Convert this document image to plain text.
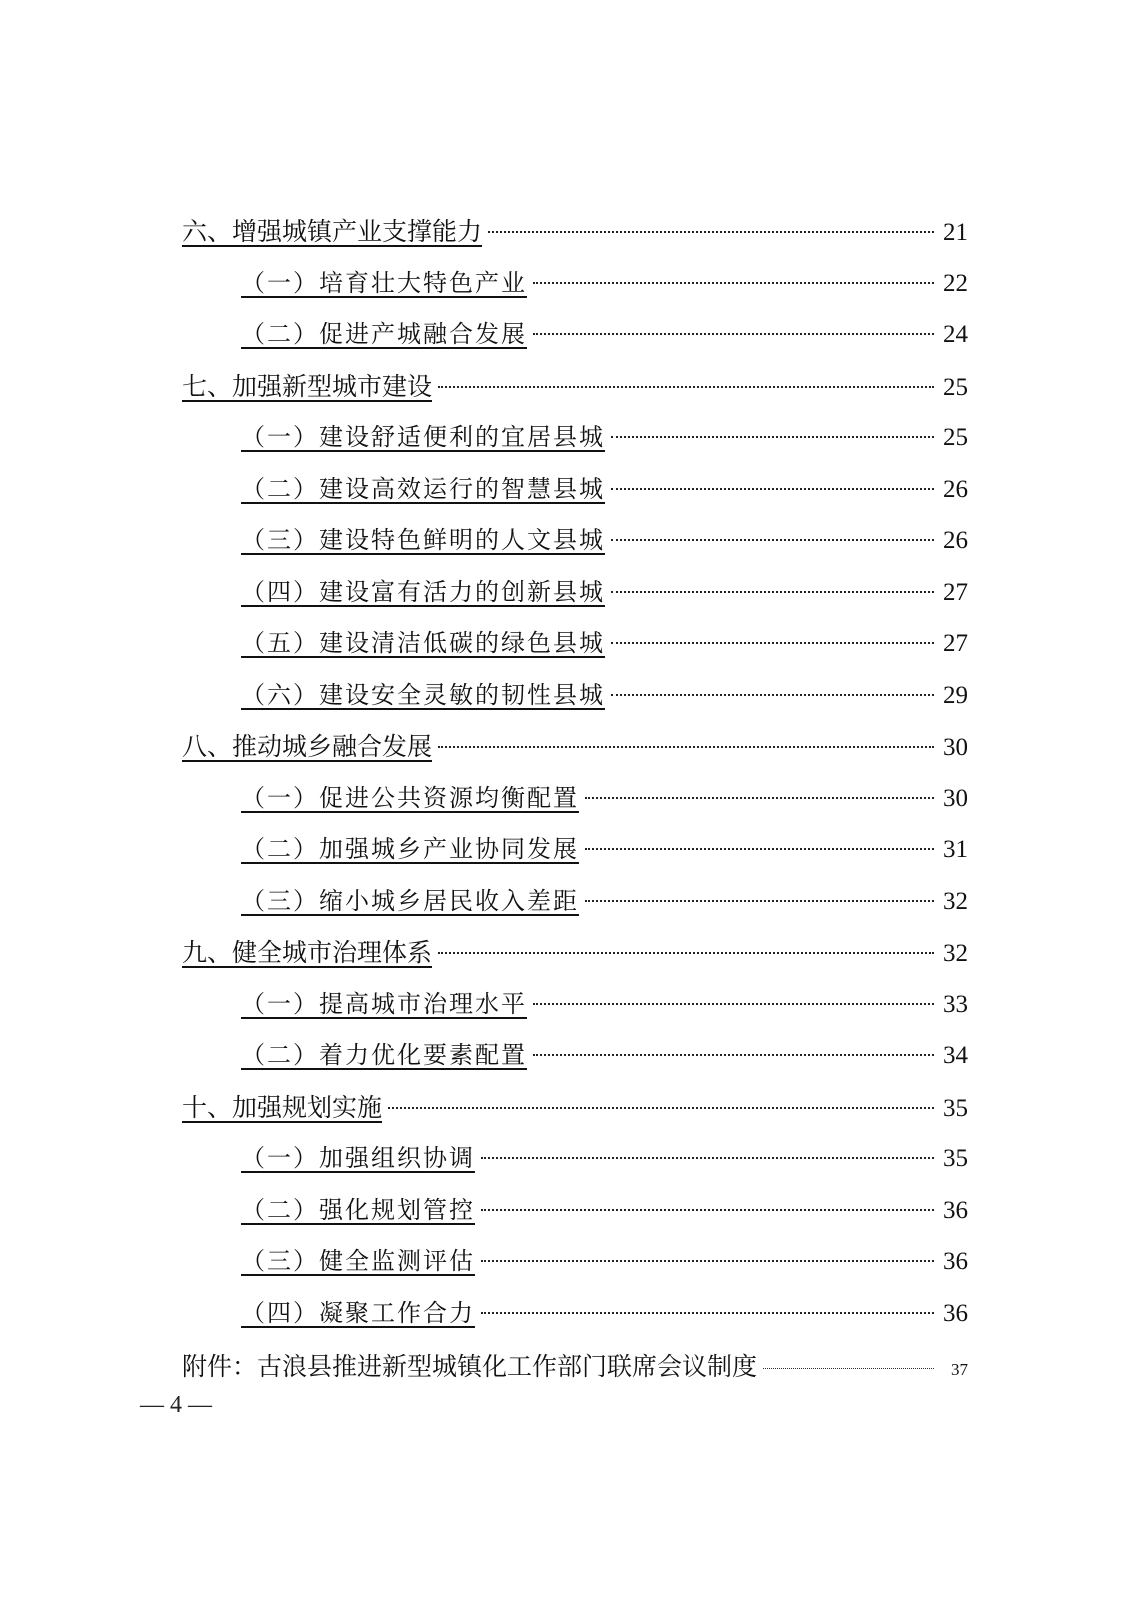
六、增强城镇产业支撑能力	21
（一）培育壮大特色产业	22
（二）促进产城融合发展	24
七、加强新型城市建设	25
（一）建设舒适便利的宜居县城	25
（二）建设高效运行的智慧县城	26
（三）建设特色鲜明的人文县城	26
（四）建设富有活力的创新县城	27
（五）建设清洁低碳的绿色县城	27
（六）建设安全灵敏的韧性县城	29
八、推动城乡融合发展	30
（一）促进公共资源均衡配置	30
（二）加强城乡产业协同发展	31
（三）缩小城乡居民收入差距	32
九、健全城市治理体系	32
（一）提高城市治理水平	33
（二）着力优化要素配置	34
十、加强规划实施	35
（一）加强组织协调	35
（二）强化规划管控	36
（三）健全监测评估	36
（四）凝聚工作合力	36
附件：古浪县推进新型城镇化工作部门联席会议制度	37
— 4 —
